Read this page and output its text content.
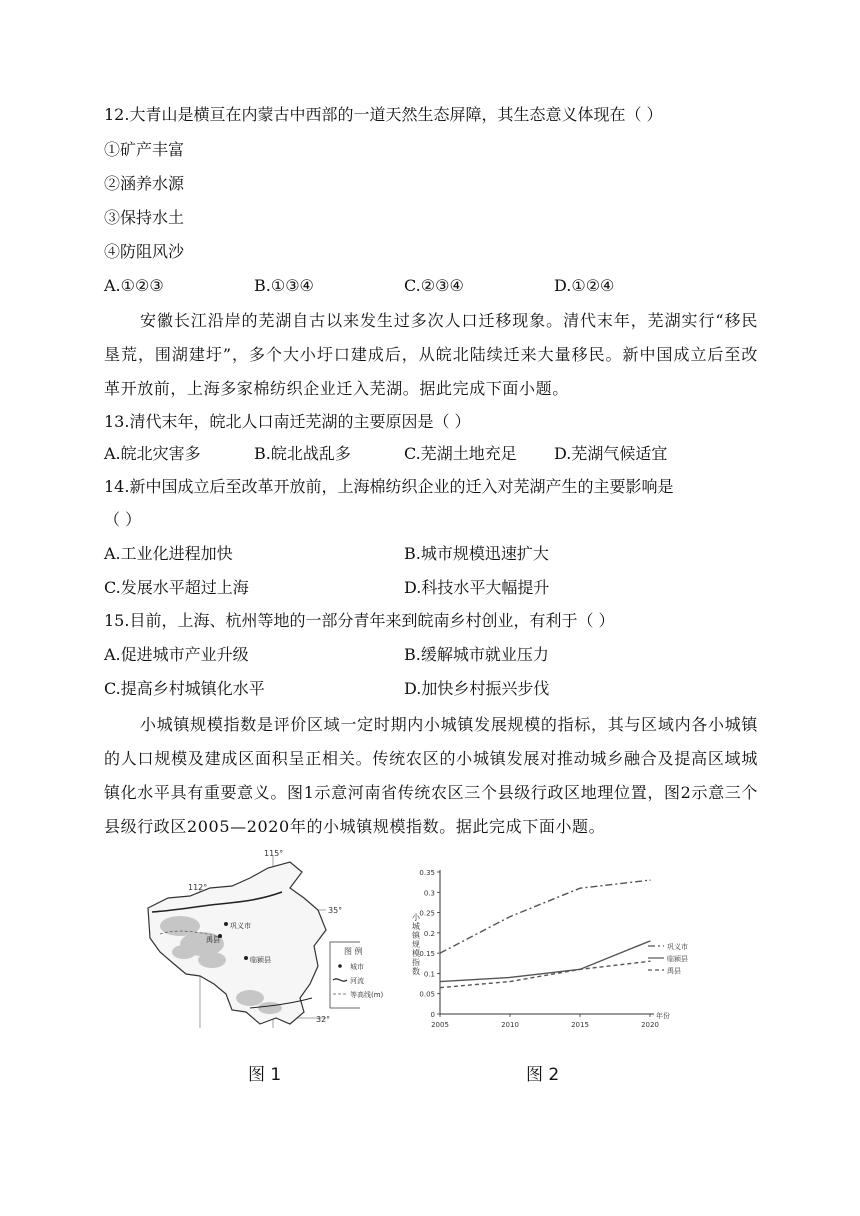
12.大青山是横亘在内蒙古中西部的一道天然生态屏障，其生态意义体现在（ ）
①矿产丰富
②涵养水源
③保持水土
④防阻风沙
A.①②③	B.①③④	C.②③④	D.①②④
安徽长江沿岸的芜湖自古以来发生过多次人口迁移现象。清代末年，芜湖实行“移民垦荒，围湖建圩”，多个大小圩口建成后，从皖北陆续迁来大量移民。新中国成立后至改革开放前，上海多家棉纺织企业迁入芜湖。据此完成下面小题。
13.清代末年，皖北人口南迁芜湖的主要原因是（ ）
A.皖北灾害多	B.皖北战乱多	C.芜湖土地充足 D.芜湖气候适宜
14.新中国成立后至改革开放前，上海棉纺织企业的迁入对芜湖产生的主要影响是
（ ）
A.工业化进程加快	B.城市规模迅速扩大
C.发展水平超过上海	D.科技水平大幅提升
15.目前，上海、杭州等地的一部分青年来到皖南乡村创业，有利于（ ）
A.促进城市产业升级	B.缓解城市就业压力
C.提高乡村城镇化水平	D.加快乡村振兴步伐
小城镇规模指数是评价区域一定时期内小城镇发展规模的指标，其与区域内各小城镇的人口规模及建成区面积呈正相关。传统农区的小城镇发展对推动城乡融合及提高区域城镇化水平具有重要意义。图1示意河南省传统农区三个县级行政区地理位置，图2示意三个县级行政区2005—2020年的小城镇规模指数。据此完成下面小题。
巩义市
禹县
临颍县
112°
115°
35°
32°
图 例
城市
河流
等高线(m)
图 1
0
0.05
0.1
0.15
0.2
0.25
0.3
0.35
2005	2010	2015	2020
年份
小城镇规模指数
巩义市
临颍县
禹县
图 2
